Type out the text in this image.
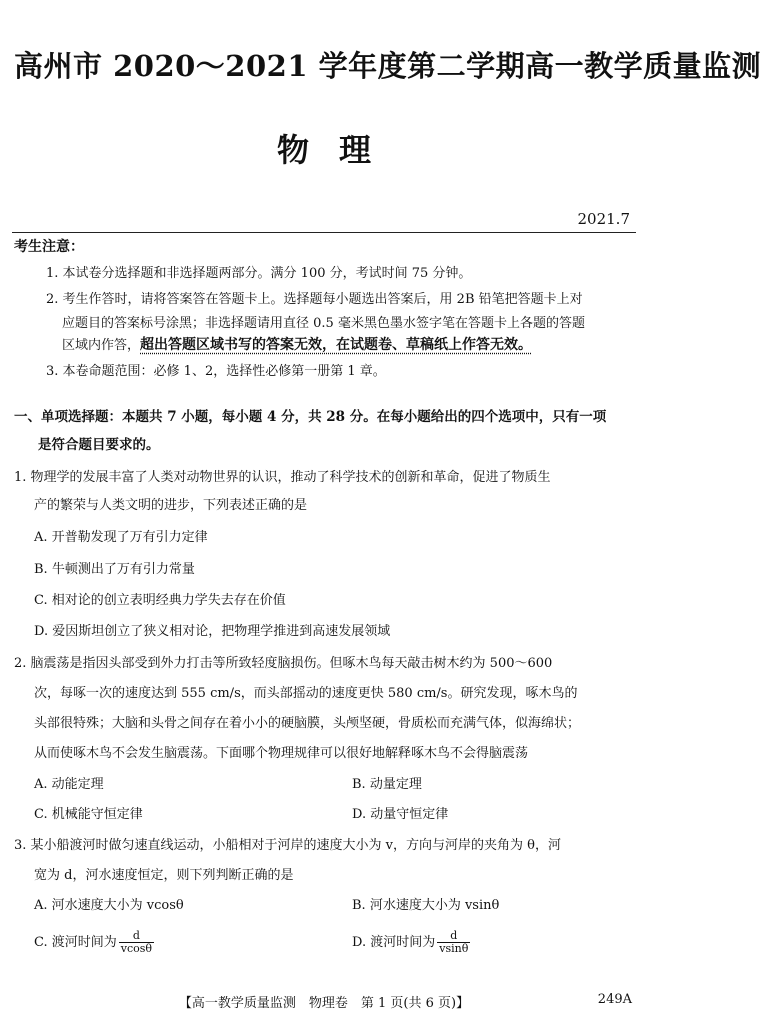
高州市 2020～2021 学年度第二学期高一教学质量监测
物理
2021.7
考生注意：
1. 本试卷分选择题和非选择题两部分。满分 100 分，考试时间 75 分钟。
2. 考生作答时，请将答案答在答题卡上。选择题每小题选出答案后，用 2B 铅笔把答题卡上对
应题目的答案标号涂黑；非选择题请用直径 0.5 毫米黑色墨水签字笔在答题卡上各题的答题
区域内作答，超出答题区域书写的答案无效，在试题卷、草稿纸上作答无效。
3. 本卷命题范围：必修 1、2，选择性必修第一册第 1 章。
一、单项选择题：本题共 7 小题，每小题 4 分，共 28 分。在每小题给出的四个选项中，只有一项
是符合题目要求的。
1. 物理学的发展丰富了人类对动物世界的认识，推动了科学技术的创新和革命，促进了物质生
产的繁荣与人类文明的进步，下列表述正确的是
A. 开普勒发现了万有引力定律
B. 牛顿测出了万有引力常量
C. 相对论的创立表明经典力学失去存在价值
D. 爱因斯坦创立了狭义相对论，把物理学推进到高速发展领域
2. 脑震荡是指因头部受到外力打击等所致轻度脑损伤。但啄木鸟每天敲击树木约为 500～600
次，每啄一次的速度达到 555 cm/s，而头部摇动的速度更快 580 cm/s。研究发现，啄木鸟的
头部很特殊；大脑和头骨之间存在着小小的硬脑膜，头颅坚硬，骨质松而充满气体，似海绵状；
从而使啄木鸟不会发生脑震荡。下面哪个物理规律可以很好地解释啄木鸟不会得脑震荡
A. 动能定理	B. 动量定理
C. 机械能守恒定律	D. 动量守恒定律
3. 某小船渡河时做匀速直线运动，小船相对于河岸的速度大小为 v，方向与河岸的夹角为 θ，河
宽为 d，河水速度恒定，则下列判断正确的是
A. 河水速度大小为 vcosθ	B. 河水速度大小为 vsinθ
C. 渡河时间为 $\frac{d}{vcos\theta}$	D. 渡河时间为 $\frac{d}{vsin\theta}$
【高一教学质量监测　物理卷　第 1 页(共 6 页)】	249A
